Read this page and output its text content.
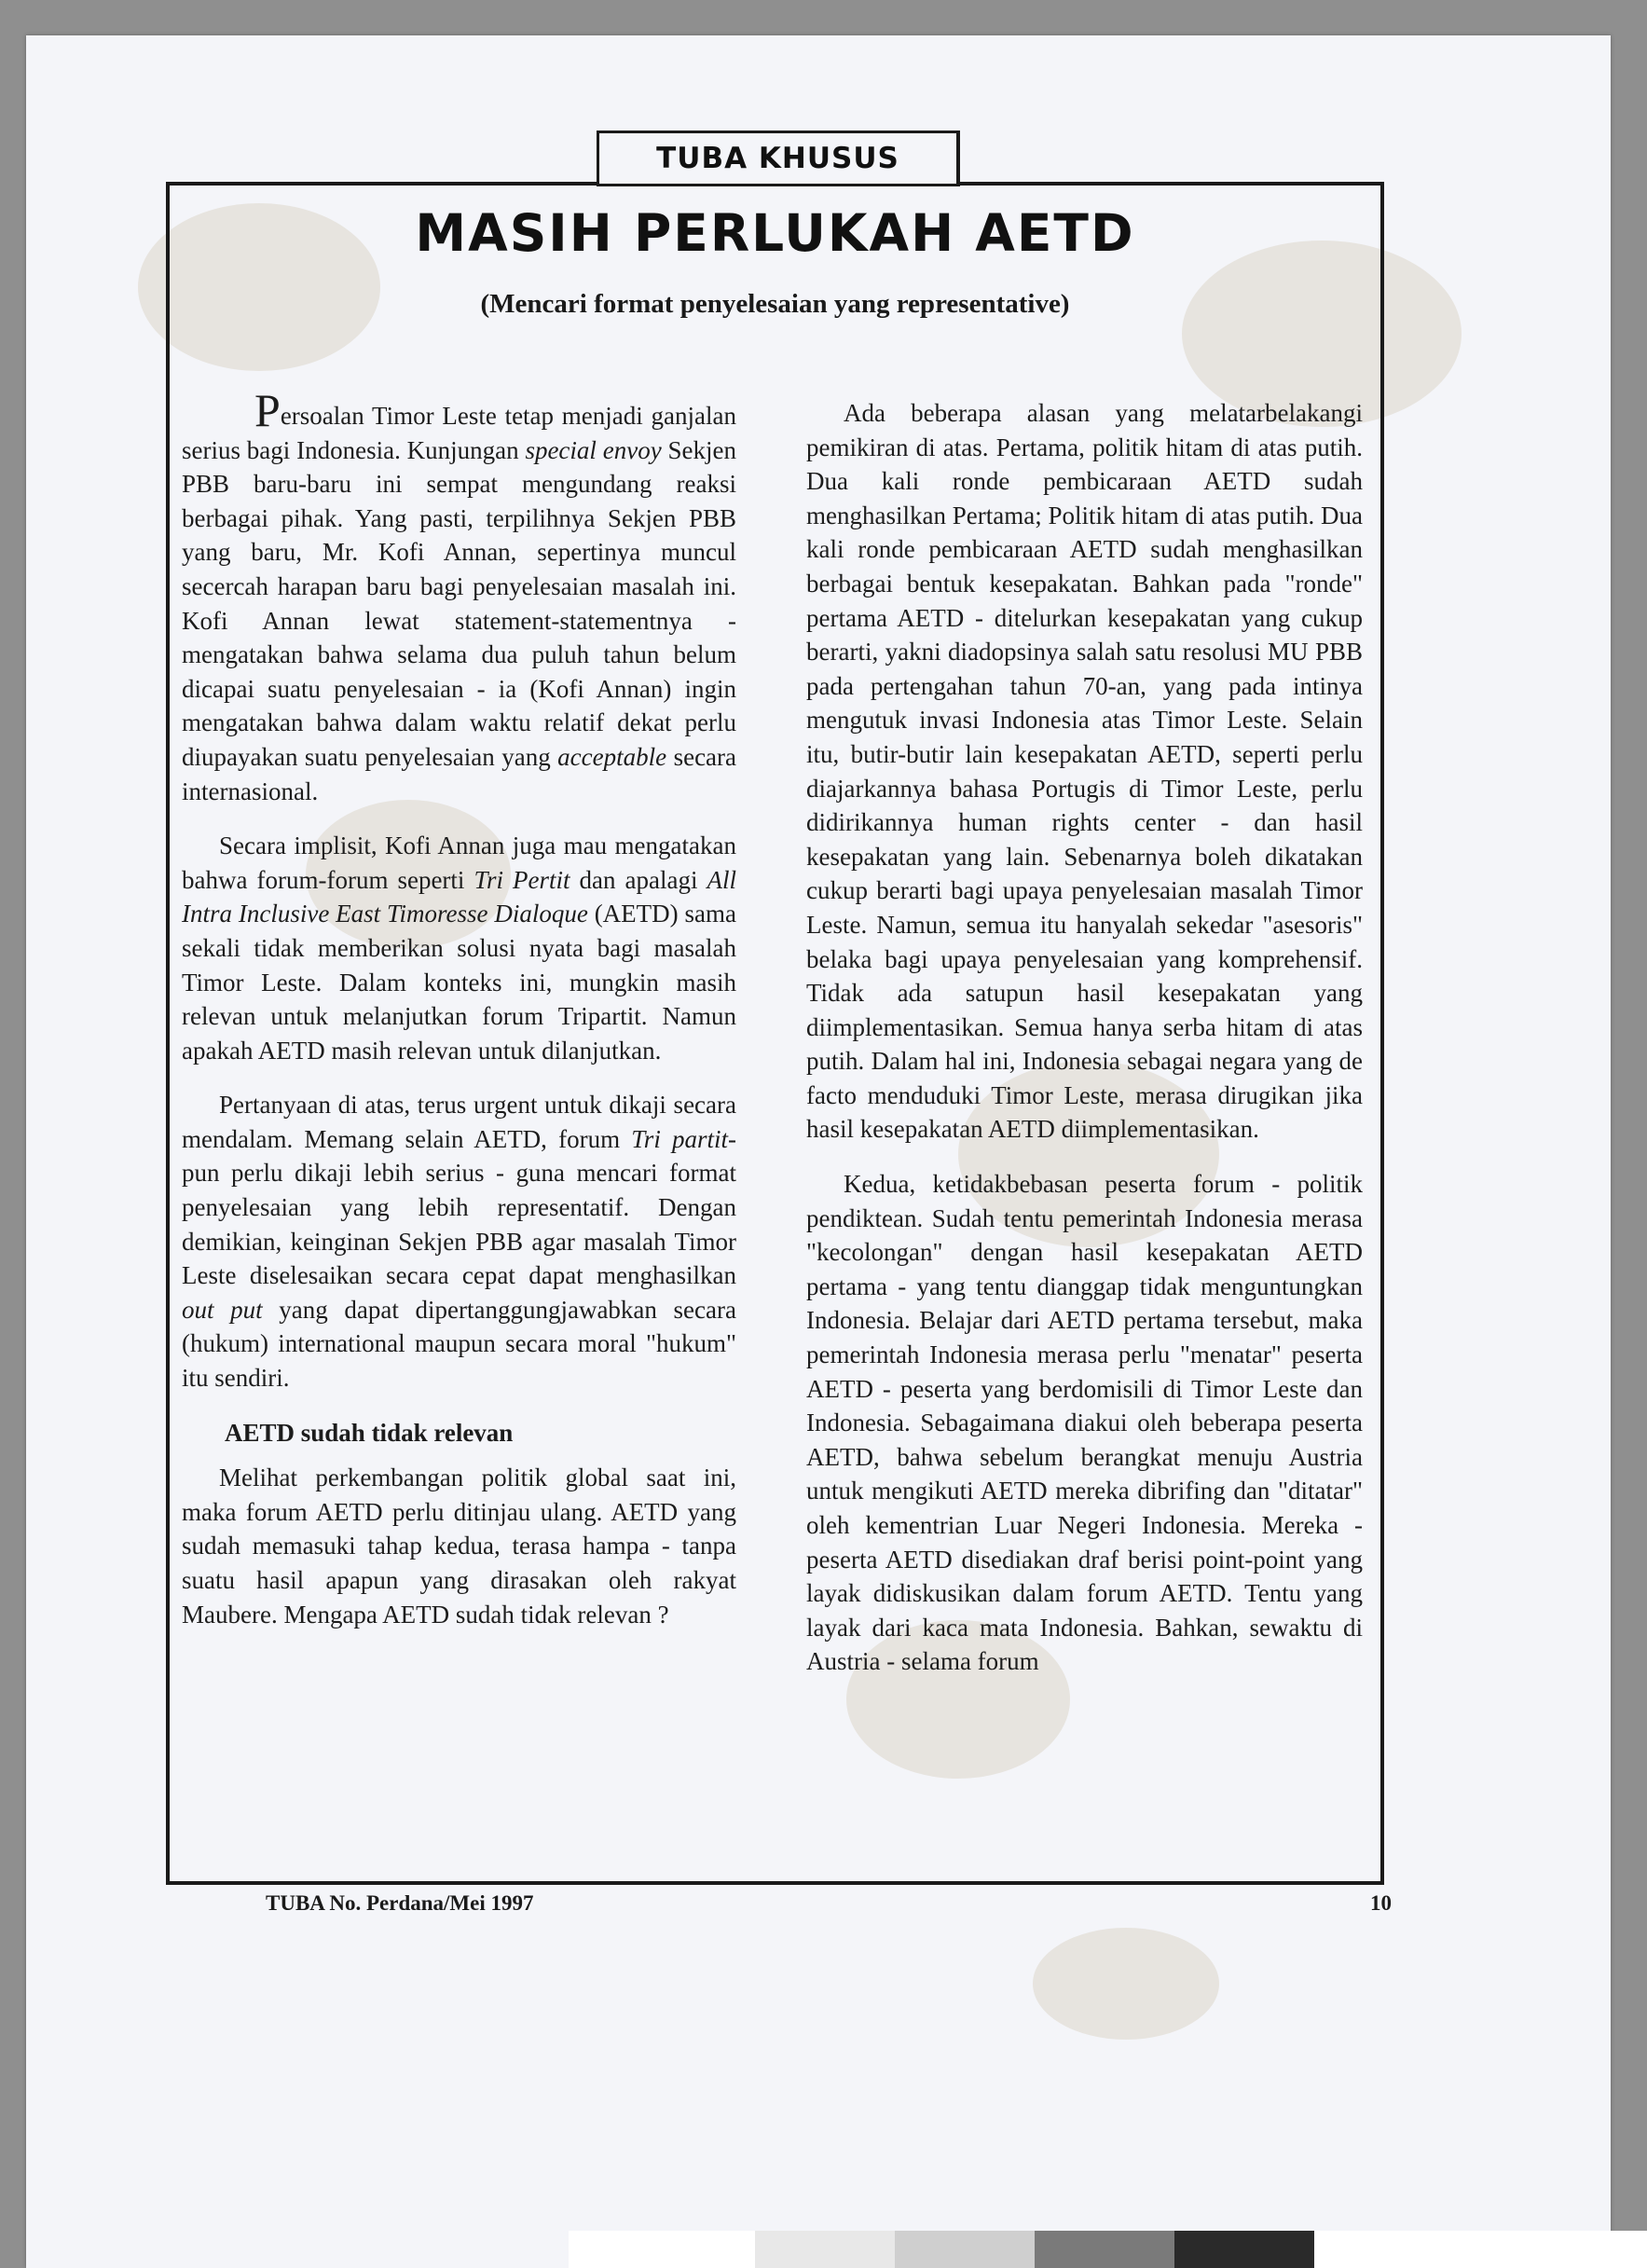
TUBA KHUSUS
MASIH PERLUKAH AETD
(Mencari format penyelesaian yang representative)

Persoalan Timor Leste tetap menjadi ganjalan serius bagi Indonesia. Kunjungan special envoy Sekjen PBB baru-baru ini sempat mengundang reaksi berbagai pihak. Yang pasti, terpilihnya Sekjen PBB yang baru, Mr. Kofi Annan, sepertinya muncul secercah harapan baru bagi penyelesaian masalah ini. Kofi Annan lewat statement-statementnya - mengatakan bahwa selama dua puluh tahun belum dicapai suatu penyelesaian - ia (Kofi Annan) ingin mengatakan bahwa dalam waktu relatif dekat perlu diupayakan suatu penyelesaian yang acceptable secara internasional.

Secara implisit, Kofi Annan juga mau mengatakan bahwa forum-forum seperti Tri Pertit dan apalagi All Intra Inclusive East Timoresse Dialoque (AETD) sama sekali tidak memberikan solusi nyata bagi masalah Timor Leste. Dalam konteks ini, mungkin masih relevan untuk melanjutkan forum Tripartit. Namun apakah AETD masih relevan untuk dilanjutkan.

Pertanyaan di atas, terus urgent untuk dikaji secara mendalam. Memang selain AETD, forum Tri partit-pun perlu dikaji lebih serius - guna mencari format penyelesaian yang lebih representatif. Dengan demikian, keinginan Sekjen PBB agar masalah Timor Leste diselesaikan secara cepat dapat menghasilkan out put yang dapat dipertanggungjawabkan secara (hukum) international maupun secara moral "hukum" itu sendiri.

AETD sudah tidak relevan

Melihat perkembangan politik global saat ini, maka forum AETD perlu ditinjau ulang. AETD yang sudah memasuki tahap kedua, terasa hampa - tanpa suatu hasil apapun yang dirasakan oleh rakyat Maubere. Mengapa AETD sudah tidak relevan ?

Ada beberapa alasan yang melatarbelakangi pemikiran di atas. Pertama, politik hitam di atas putih. Dua kali ronde pembicaraan AETD sudah menghasilkan Pertama; Politik hitam di atas putih. Dua kali ronde pembicaraan AETD sudah menghasilkan berbagai bentuk kesepakatan. Bahkan pada "ronde" pertama AETD - ditelurkan kesepakatan yang cukup berarti, yakni diadopsinya salah satu resolusi MU PBB pada pertengahan tahun 70-an, yang pada intinya mengutuk invasi Indonesia atas Timor Leste. Selain itu, butir-butir lain kesepakatan AETD, seperti perlu diajarkannya bahasa Portugis di Timor Leste, perlu didirikannya human rights center - dan hasil kesepakatan yang lain. Sebenarnya boleh dikatakan cukup berarti bagi upaya penyelesaian masalah Timor Leste. Namun, semua itu hanyalah sekedar "asesoris" belaka bagi upaya penyelesaian yang komprehensif. Tidak ada satupun hasil kesepakatan yang diimplementasikan. Semua hanya serba hitam di atas putih. Dalam hal ini, Indonesia sebagai negara yang de facto menduduki Timor Leste, merasa dirugikan jika hasil kesepakatan AETD diimplementasikan.

Kedua, ketidakbebasan peserta forum - politik pendiktean. Sudah tentu pemerintah Indonesia merasa "kecolongan" dengan hasil kesepakatan AETD pertama - yang tentu dianggap tidak menguntungkan Indonesia. Belajar dari AETD pertama tersebut, maka pemerintah Indonesia merasa perlu "menatar" peserta AETD - peserta yang berdomisili di Timor Leste dan Indonesia. Sebagaimana diakui oleh beberapa peserta AETD, bahwa sebelum berangkat menuju Austria untuk mengikuti AETD mereka dibrifing dan "ditatar" oleh kementrian Luar Negeri Indonesia. Mereka - peserta AETD disediakan draf berisi point-point yang layak didiskusikan dalam forum AETD. Tentu yang layak dari kaca mata Indonesia. Bahkan, sewaktu di Austria - selama forum

TUBA No. Perdana/Mei 1997	10
